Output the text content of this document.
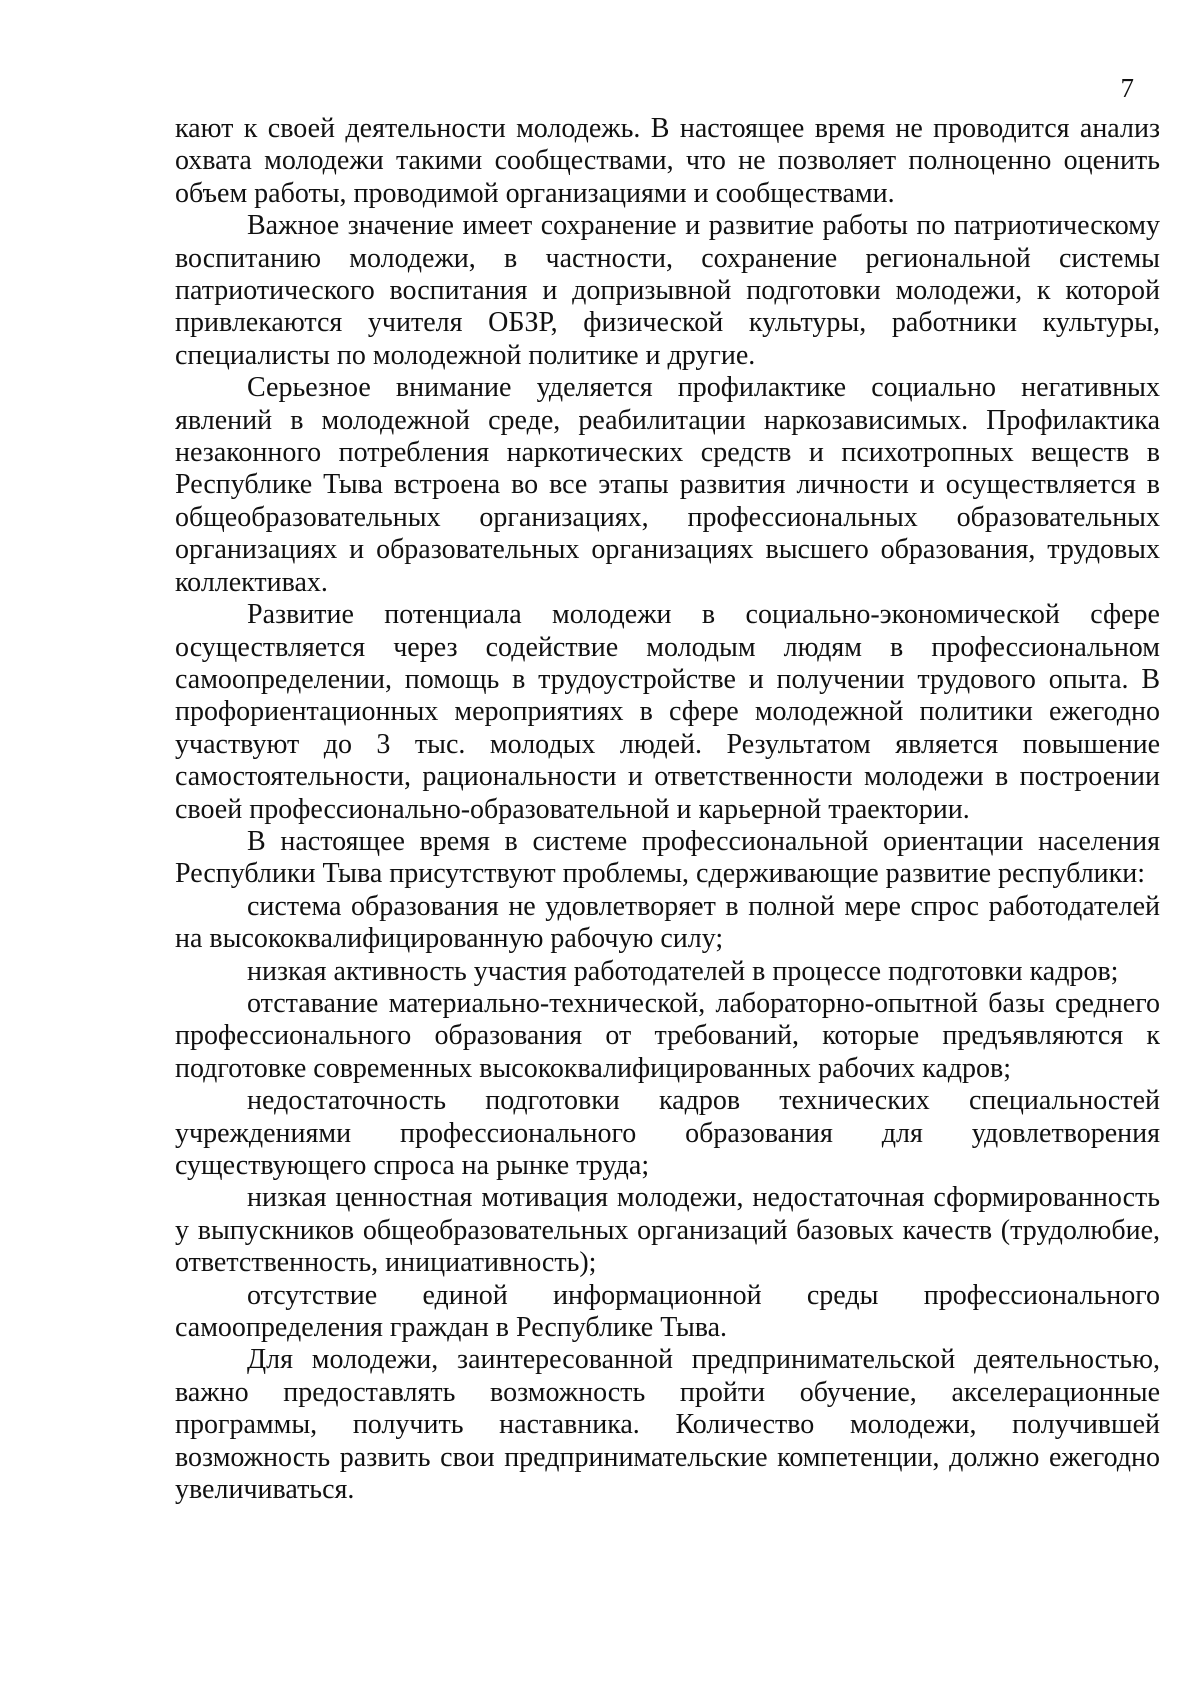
7

кают к своей деятельности молодежь. В настоящее время не проводится анализ охвата молодежи такими сообществами, что не позволяет полноценно оценить объем работы, проводимой организациями и сообществами.

Важное значение имеет сохранение и развитие работы по патриотическому воспитанию молодежи, в частности, сохранение региональной системы патриотического воспитания и допризывной подготовки молодежи, к которой привлекаются учителя ОБЗР, физической культуры, работники культуры, специалисты по молодежной политике и другие.

Серьезное внимание уделяется профилактике социально негативных явлений в молодежной среде, реабилитации наркозависимых. Профилактика незаконного потребления наркотических средств и психотропных веществ в Республике Тыва встроена во все этапы развития личности и осуществляется в общеобразовательных организациях, профессиональных образовательных организациях и образовательных организациях высшего образования, трудовых коллективах.

Развитие потенциала молодежи в социально-экономической сфере осуществляется через содействие молодым людям в профессиональном самоопределении, помощь в трудоустройстве и получении трудового опыта. В профориентационных мероприятиях в сфере молодежной политики ежегодно участвуют до 3 тыс. молодых людей. Результатом является повышение самостоятельности, рациональности и ответственности молодежи в построении своей профессионально-образовательной и карьерной траектории.

В настоящее время в системе профессиональной ориентации населения Республики Тыва присутствуют проблемы, сдерживающие развитие республики:

система образования не удовлетворяет в полной мере спрос работодателей на высококвалифицированную рабочую силу;

низкая активность участия работодателей в процессе подготовки кадров;

отставание материально-технической, лабораторно-опытной базы среднего профессионального образования от требований, которые предъявляются к подготовке современных высококвалифицированных рабочих кадров;

недостаточность подготовки кадров технических специальностей учреждениями профессионального образования для удовлетворения существующего спроса на рынке труда;

низкая ценностная мотивация молодежи, недостаточная сформированность у выпускников общеобразовательных организаций базовых качеств (трудолюбие, ответственность, инициативность);

отсутствие единой информационной среды профессионального самоопределения граждан в Республике Тыва.

Для молодежи, заинтересованной предпринимательской деятельностью, важно предоставлять возможность пройти обучение, акселерационные программы, получить наставника. Количество молодежи, получившей возможность развить свои предпринимательские компетенции, должно ежегодно увеличиваться.
